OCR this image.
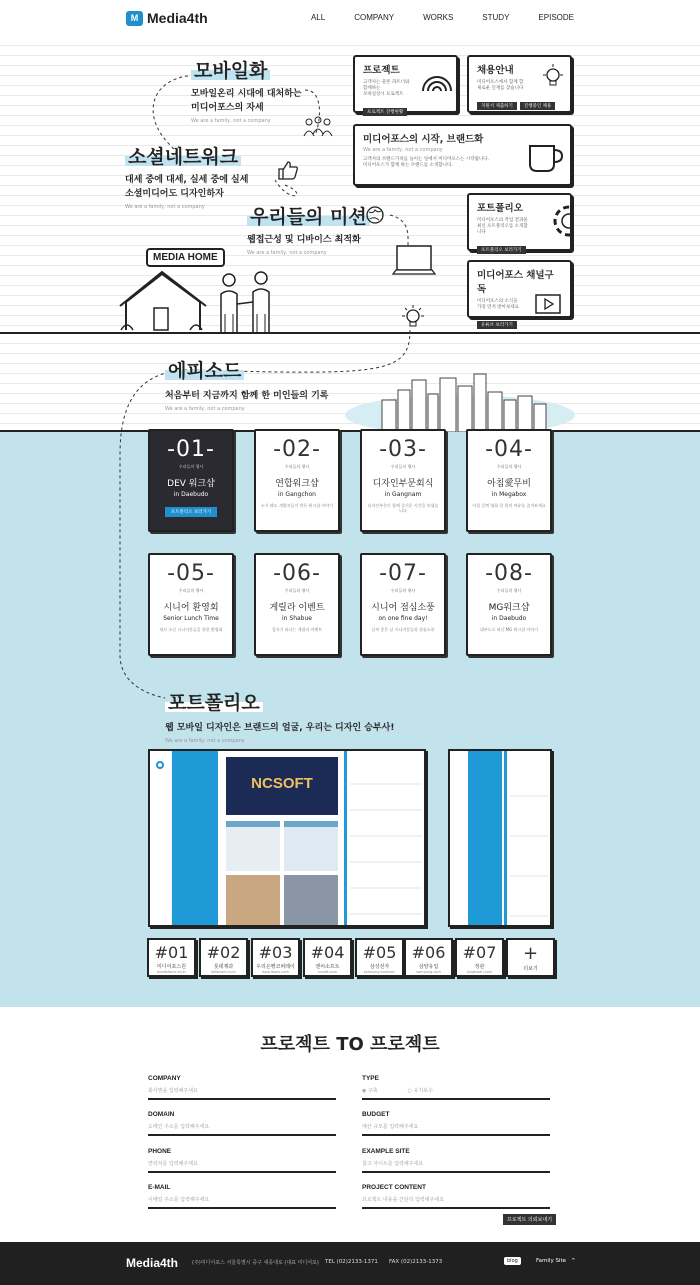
M Media4th	ALL	COMPANY	WORKS	STUDY	EPISODE
모바일화
모바일온리 시대에 대처하는
미디어포스의 자세
We are a family, not a company
소셜네트워크
대세 중에 대세, 실세 중에 실세
소셜미디어도 디자인하자
We are a family, not a company	우리들의 미션
웹접근성 및 디바이스 최적화
We are a family, not a company
MEDIA HOME
프로젝트
고객사는 물론 파트너와 함께하는
모바일상시 프로젝트
프로젝트 진행현황
채용안내
미디어포스에서 함께 할
새로운 인재를 찾습니다
지원서 제출하기 진행중인 채용
미디어포스의 시작, 브랜드화
We are a family, not a company
고객사의 브랜드가치를 높이는 일에서 미디어포스는 시작됩니다.
미디어포스가 함께 하는 브랜드를 소개합니다.
포트폴리오
미디어포스의 작업 결과물
최신 포트폴리오를 소개합니다
포트폴리오 보러가기
미디어포스 채널구독
미디어포스의 소식을
가장 먼저 받아보세요
유튜브 보러가기
에피소드
처음부터 지금까지 함께 한 미인들의 기록
We are a family, not a company
-01-
우리들의 행사
DEV 워크샵
in Daebudo
포트폴리오 보러가기
-02-
우리들의 행사
연합워크샵
in Gangchon
누가 봐도 개발자들이 만든 워크샵 이야기
-03-
우리들의 행사
디자인부문회식
in Gangnam
디자인부문이 함께 즐거운 시간을 보냈습니다
-04-
우리들의 행사
아침愛무비
in Megabox
아침 일찍 영화 한 편의 여유를 즐겨보세요
-05-
우리들의 행사
시니어 환영회
Senior Lunch Time
새로 오신 시니어분들을 위한 환영회
-06-
우리들의 행사
게릴라 이벤트
in Shabue
갑자기 떠나는 게릴라 이벤트
-07-
우리들의 행사
시니어 점심소풍
on one fine day!
날씨 좋은 날 시니어분들과 점심소풍
-08-
우리들의 행사
MG워크샵
in Daebudo
대부도로 떠난 MG 워크샵 이야기
포트폴리오
웹 모바일 디자인은 브랜드의 얼굴, 우리는 디자인 승부사!
We are a family, not a company
NCSOFT
#01
미디어포스원
mediaforce.co.kr
#02
롯데제과
lotteconf.co.kr
#03
우리은행코퍼레이
wooribank.com
#04
엔씨소프트
ncsoft.com
#05
삼성전자
samsung.com/sec
#06
삼양유업
samyang.com
#07
정관
jungkwan.com
+
더보기
프로젝트 TO 프로젝트
COMPANY
회사명을 입력해주세요
DOMAIN
도메인 주소를 입력해주세요
PHONE
연락처를 입력해주세요
E-MAIL
이메일 주소를 입력해주세요
TYPE
◉ 구축	○ 유지보수
BUDGET
예산 규모를 입력해주세요
EXAMPLE SITE
참고 사이트를 입력해주세요
PROJECT CONTENT
프로젝트 내용을 간단히 입력해주세요
프로젝트 의뢰보내기
Media4th	(주)미디어포스 서울특별시 중구 세종대로 (대표 미디어포) TEL (02)2133-1371 FAX (02)2133-1373	blog	Family Site ^
